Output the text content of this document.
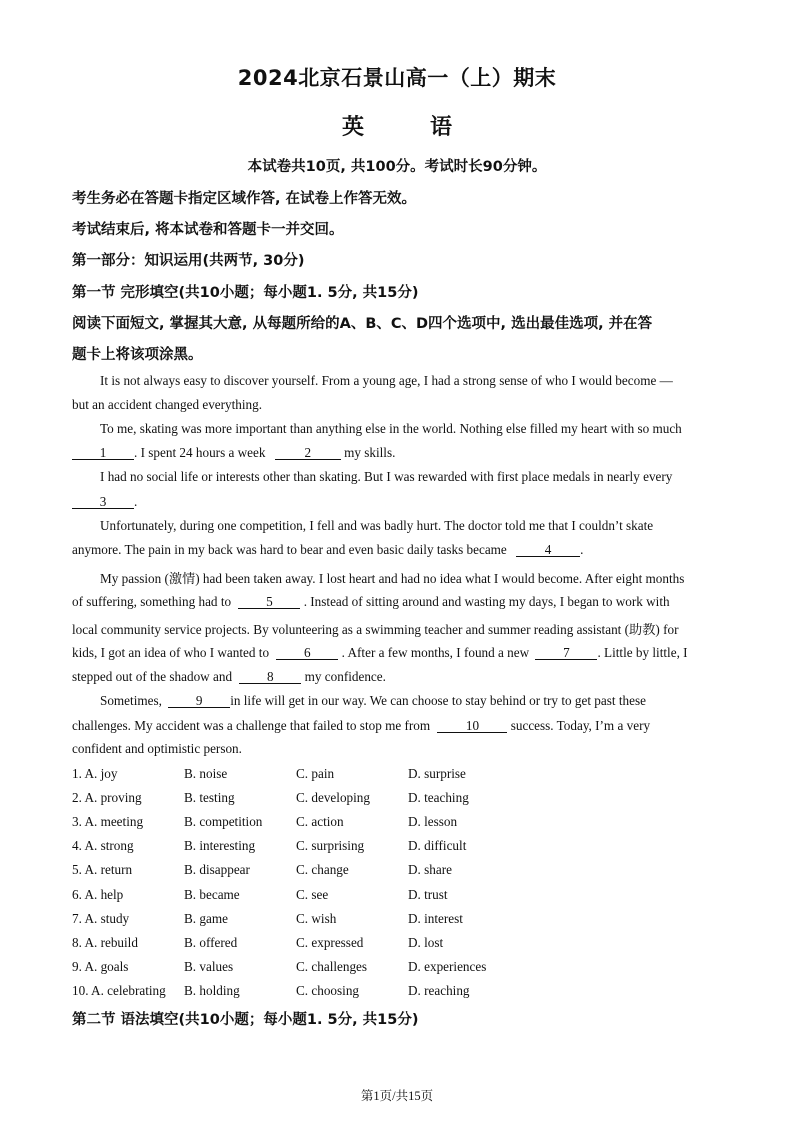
2024北京石景山高一（上）期末
英　语
本试卷共10页, 共100分。考试时长90分钟。
考生务必在答题卡指定区域作答, 在试卷上作答无效。
考试结束后, 将本试卷和答题卡一并交回。
第一部分：知识运用(共两节, 30分)
第一节 完形填空(共10小题；每小题1. 5分, 共15分)
阅读下面短文, 掌握其大意, 从每题所给的A、B、C、D四个选项中, 选出最佳选项, 并在答
题卡上将该项涂黑。
It is not always easy to discover yourself. From a young age, I had a strong sense of who I would become —
but an accident changed everything.
To me, skating was more important than anything else in the world. Nothing else filled my heart with so much
1 . I spent 24 hours a week	2	my skills.
I had no social life or interests other than skating. But I was rewarded with first place medals in nearly every
3 .
Unfortunately, during one competition, I fell and was badly hurt. The doctor told me that I couldn’t skate
anymore. The pain in my back was hard to bear and even basic daily tasks became	4 .
My passion (激情) had been taken away. I lost heart and had no idea what I would become. After eight months
of suffering, something had to	5 . Instead of sitting around and wasting my days, I began to work with
local community service projects. By volunteering as a swimming teacher and summer reading assistant (助教) for
kids, I got an idea of who I wanted to	6 . After a few months, I found a new	7 . Little by little, I
stepped out of the shadow and	8 my confidence.
Sometimes,	9 in life will get in our way. We can choose to stay behind or try to get past these
challenges. My accident was a challenge that failed to stop me from	10 success. Today, I’m a very
confident and optimistic person.
1. A. joy	B. noise	C. pain	D. surprise
2. A. proving	B. testing	C. developing	D. teaching
3. A. meeting	B. competition	C. action	D. lesson
4. A. strong	B. interesting	C. surprising	D. difficult
5. A. return	B. disappear	C. change	D. share
6. A. help	B. became	C. see	D. trust
7. A. study	B. game	C. wish	D. interest
8. A. rebuild	B. offered	C. expressed	D. lost
9. A. goals	B. values	C. challenges	D. experiences
10. A. celebrating B. holding	C. choosing	D. reaching
第二节 语法填空(共10小题；每小题1. 5分, 共15分)
第1页/共15页
